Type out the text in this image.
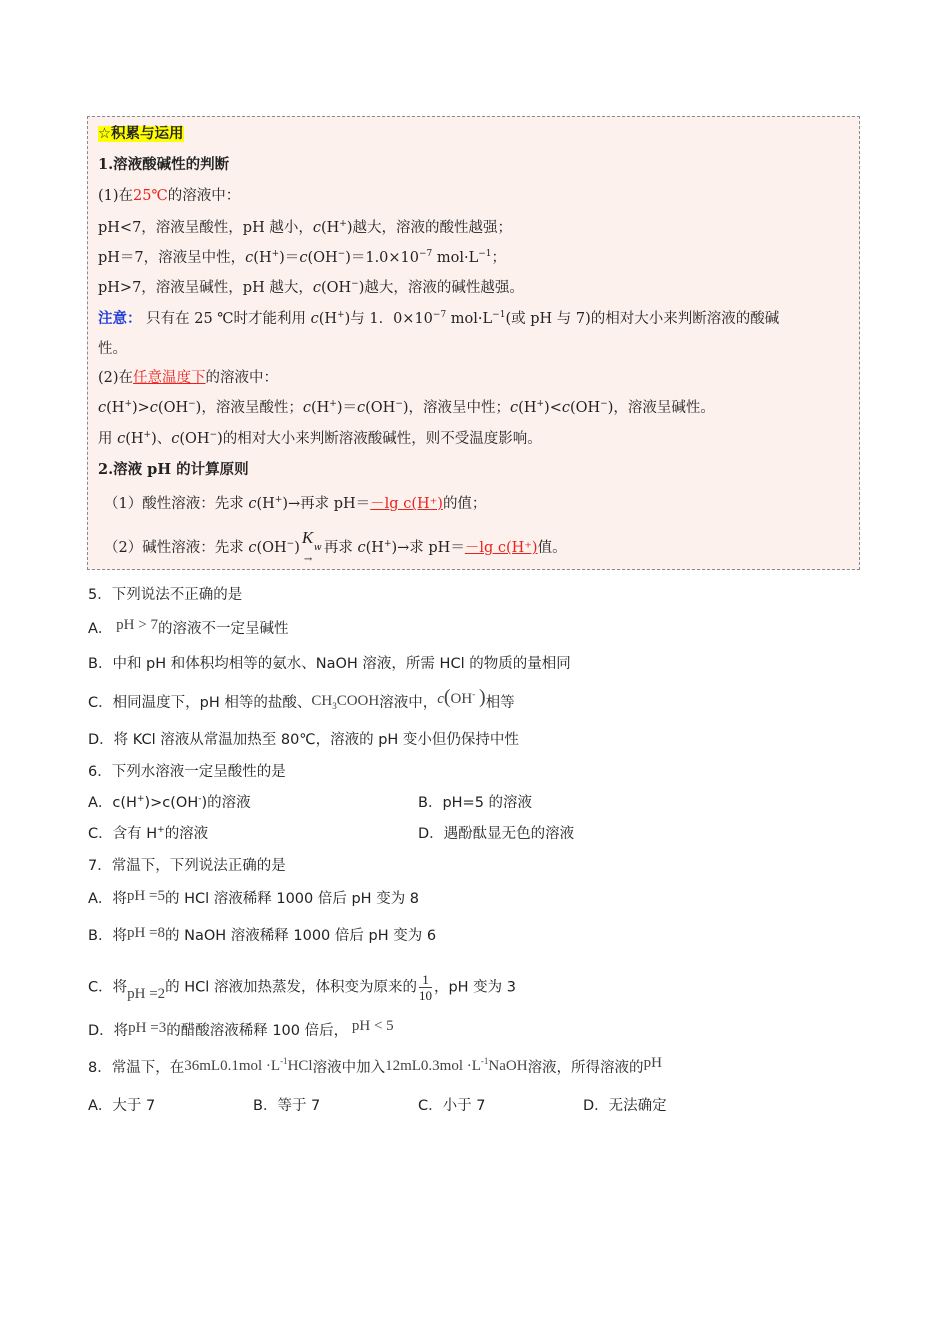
☆积累与运用
1.溶液酸碱性的判断
(1)在25℃的溶液中：
pH<7，溶液呈酸性，pH 越小，c(H+)越大，溶液的酸性越强；
pH＝7，溶液呈中性，$c(H^+)=c(OH^-)=1.0\times 10^{-7}$ $mol\cdot L^{-1}$；
pH>7，溶液呈碱性，pH 越大，c(OH−)越大，溶液的碱性越强。
注意： 只有在 25 ℃时才能利用 c(H+)与 1．$0\times 10^{-7}$ $mol\cdot L^{-1}$(或 pH 与 7)的相对大小来判断溶液的酸碱
性。
(2)在任意温度下的溶液中：
c(H+)>c(OH−)，溶液呈酸性；c(H+)＝c(OH−)，溶液呈中性；c(H+)<c(OH−)，溶液呈碱性。
用 c(H+)、c(OH−)的相对大小来判断溶液酸碱性，则不受温度影响。
2.溶液 pH 的计算原则
（1）酸性溶液：先求 c(H+)→再求 pH＝－lg c(H⁺)的值；
（2）碱性溶液：先求 c(OH−)
K
w
→
再求 c(H+)→求 pH＝－lg c(H⁺)值。
5．下列说法不正确的是
A． pH > 7的溶液不一定呈碱性
B．中和 pH 和体积均相等的氨水、NaOH 溶液，所需 HCl 的物质的量相同
C．相同温度下，pH 相等的盐酸、$CH_3COOH$溶液中，c(OH- )相等
D．将 KCl 溶液从常温加热至 80℃，溶液的 pH 变小但仍保持中性
6．下列水溶液一定呈酸性的是
A．c(H+)>c(OH-)的溶液	B．pH=5 的溶液
C．含有 H+的溶液	D．遇酚酞显无色的溶液
7．常温下，下列说法正确的是
A．将pH =5的 HCl 溶液稀释 1000 倍后 pH 变为 8
B．将pH =8的 NaOH 溶液稀释 1000 倍后 pH 变为 6
C．将pH =2的 HCl 溶液加热蒸发，体积变为原来的 $\frac{1}{10}$ ，pH 变为 3
D．将pH =3的醋酸溶液稀释 100 倍后， pH < 5
8．常温下，在$36mL0.1mol \cdot L^{-1}HCl$溶液中加入$12mL0.3mol \cdot L^{-1}NaOH$溶液，所得溶液的pH
A．大于 7	B．等于 7	C．小于 7	D．无法确定
